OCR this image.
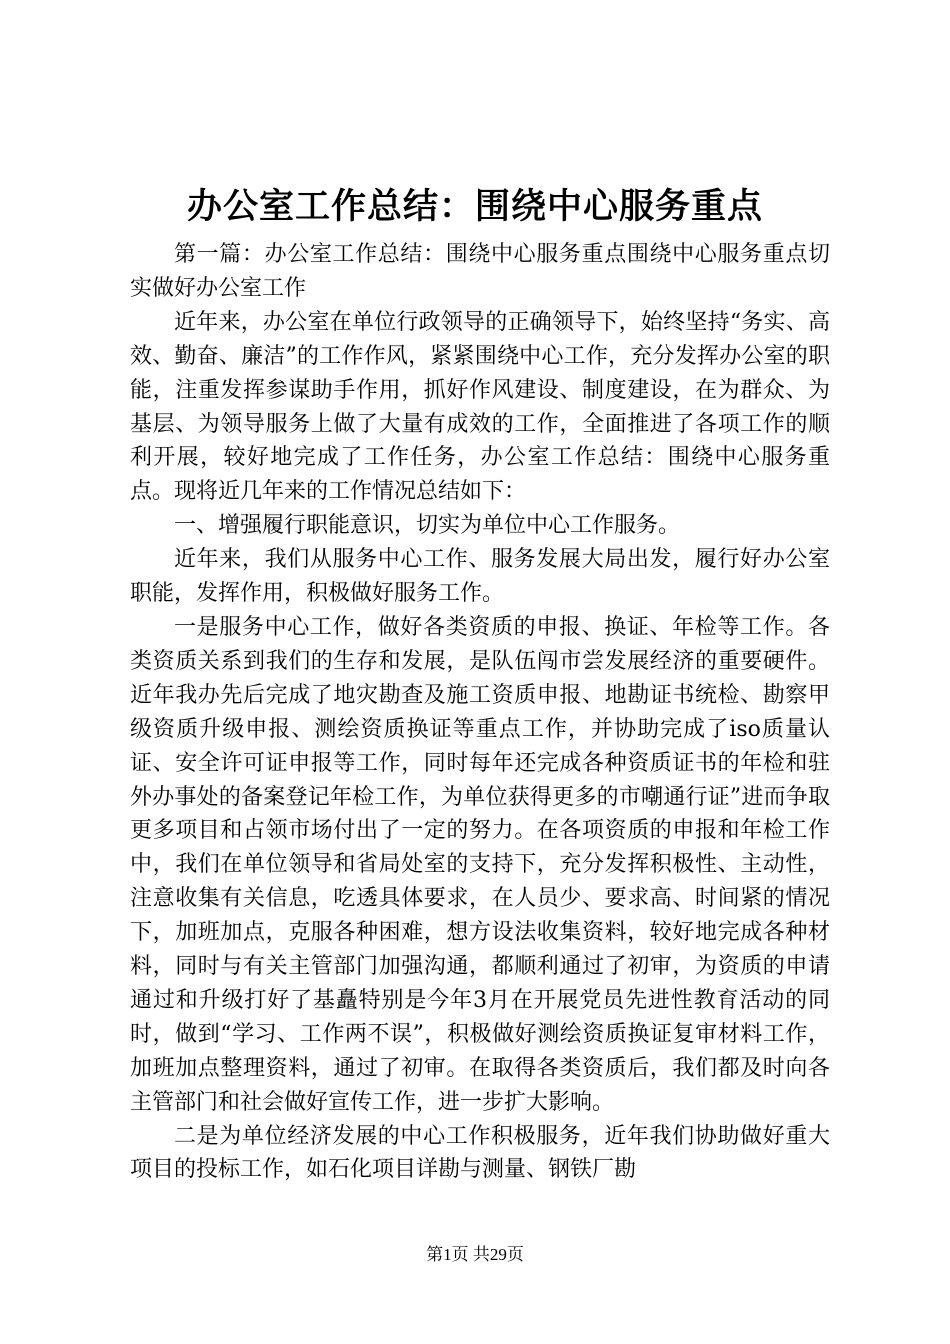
办公室工作总结：围绕中心服务重点

第一篇：办公室工作总结：围绕中心服务重点围绕中心服务重点切实做好办公室工作

近年来，办公室在单位行政领导的正确领导下，始终坚持“务实、高效、勤奋、廉洁”的工作作风，紧紧围绕中心工作，充分发挥办公室的职能，注重发挥参谋助手作用，抓好作风建设、制度建设，在为群众、为基层、为领导服务上做了大量有成效的工作，全面推进了各项工作的顺利开展，较好地完成了工作任务，办公室工作总结：围绕中心服务重点。现将近几年来的工作情况总结如下：

一、增强履行职能意识，切实为单位中心工作服务。

近年来，我们从服务中心工作、服务发展大局出发，履行好办公室职能，发挥作用，积极做好服务工作。

一是服务中心工作，做好各类资质的申报、换证、年检等工作。各类资质关系到我们的生存和发展，是队伍闯市尝发展经济的重要硬件。近年我办先后完成了地灾勘查及施工资质申报、地勘证书统检、勘察甲级资质升级申报、测绘资质换证等重点工作，并协助完成了iso质量认证、安全许可证申报等工作，同时每年还完成各种资质证书的年检和驻外办事处的备案登记年检工作，为单位获得更多的市嘲通行证”进而争取更多项目和占领市场付出了一定的努力。在各项资质的申报和年检工作中，我们在单位领导和省局处室的支持下，充分发挥积极性、主动性，注意收集有关信息，吃透具体要求，在人员少、要求高、时间紧的情况下，加班加点，克服各种困难，想方设法收集资料，较好地完成各种材料，同时与有关主管部门加强沟通，都顺利通过了初审，为资质的申请通过和升级打好了基矗特别是今年3月在开展党员先进性教育活动的同时，做到“学习、工作两不误”，积极做好测绘资质换证复审材料工作，加班加点整理资料，通过了初审。在取得各类资质后，我们都及时向各主管部门和社会做好宣传工作，进一步扩大影响。

二是为单位经济发展的中心工作积极服务，近年我们协助做好重大项目的投标工作，如石化项目详勘与测量、钢铁厂勘

第1页 共29页
